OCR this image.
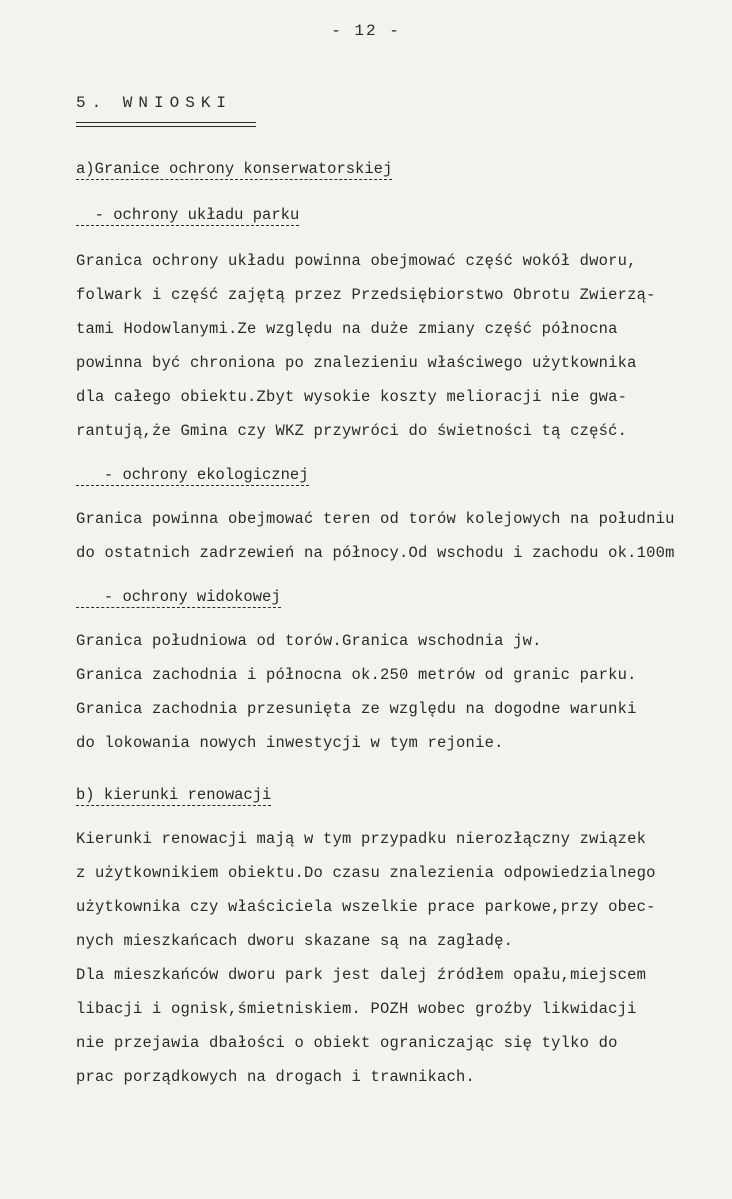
- 12 -
5. WNIOSKI
a)Granice ochrony konserwatorskiej
- ochrony układu parku
Granica ochrony układu powinna obejmować część wokół dworu,
folwark i część zajętą przez Przedsiębiorstwo Obrotu Zwierzą-
tami Hodowlanymi.Ze względu na duże zmiany część północna
powinna być chroniona po znalezieniu właściwego użytkownika
dla całego obiektu.Zbyt wysokie koszty melioracji nie gwa-
rantują,że Gmina czy WKZ przywróci do świetności tą część.
- ochrony ekologicznej
Granica powinna obejmować teren od torów kolejowych na południu
do ostatnich zadrzewień na północy.Od wschodu i zachodu ok.100m
- ochrony widokowej
Granica południowa od torów.Granica wschodnia jw.
Granica zachodnia i północna ok.250 metrów od granic parku.
Granica zachodnia przesunięta ze względu na dogodne warunki
do lokowania nowych inwestycji w tym rejonie.
b) kierunki renowacji
Kierunki renowacji mają w tym przypadku nierozłączny związek
z użytkownikiem obiektu.Do czasu znalezienia odpowiedzialnego
użytkownika czy właściciela wszelkie prace parkowe,przy obec-
nych mieszkańcach dworu skazane są na zagładę.
Dla mieszkańców dworu park jest dalej źródłem opału,miejscem
libacji i ognisk,śmietniskiem. POZH wobec groźby likwidacji
nie przejawia dbałości o obiekt ograniczając się tylko do
prac porządkowych na drogach i trawnikach.
